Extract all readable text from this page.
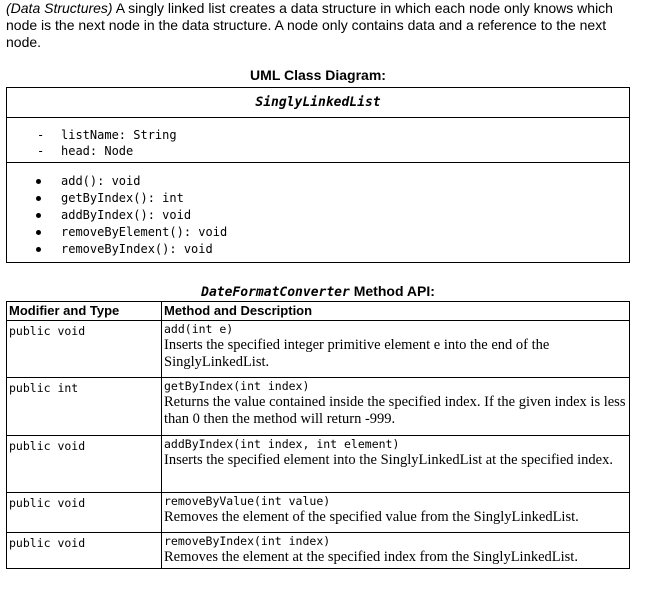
(Data Structures) A singly linked list creates a data structure in which each node only knows which node is the next node in the data structure. A node only contains data and a reference to the next node.
UML Class Diagram:
SinglyLinkedList
- listName: String
- head: Node
add(): void
getByIndex(): int
addByIndex(): void
removeByElement(): void
removeByIndex(): void
DateFormatConverter Method API:
Modifier and Type	Method and Description
public void	add(int e)
Inserts the specified integer primitive element e into the end of the SinglyLinkedList.

public int	getByIndex(int index)
Returns the value contained inside the specified index. If the given index is less than 0 then the method will return -999.

public void	addByIndex(int index, int element)
Inserts the specified element into the SinglyLinkedList at the specified index.

public void	removeByValue(int value)
Removes the element of the specified value from the SinglyLinkedList.

public void	removeByIndex(int index)
Removes the element at the specified index from the SinglyLinkedList.
